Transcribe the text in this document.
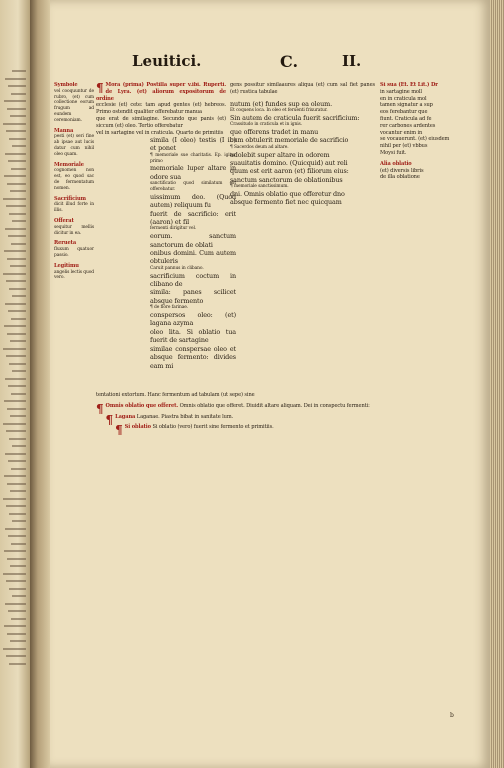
Leuitici.	C.	II.

Symbole

vel cooquuntur de rubro, (et) cum collectione eorum frugum ad eundem ceremoniam.

Manna

pesti (et) seri fine ab ipsae aut lucis datur cum nihil oleo quam.

Memoriale

cognomen non est, eo quod sac de fermentatum nomen.

Sacrificium

dicit illud forte in illis.

Offerat

sequitur mellis dicitur in ea.

Rerueta

fluxum quatuor passio.

Legitimu

angelis lectis quod vero.

¶ Mora (prima) Postilla super v.ibi. Ruperti. de Lyra. (et) aliorum expositorum de ordine

ecclesie (et) cete: tam apud gentes (et) hebreos. Primo ostendit qualiter offerebatur manua

que erat de similagine. Secundo que panis (et) siccum (et) oleo. Tertio offerebatur

vel in sartagine vel in craticula. Quarto de primitiis

simila (I oleo) testis (I ib) et ponet

¶ memoriale sue charitatis. Ep. igitur primo

memoriale luper altare in odore sua

sanctificatio quod similatum est offerebatur.

uissimum deo. (Quod autem) reliquum fu

fuerit de sacrificio: erit (aaron) et fil

fermenti dirigitur vel.

eorum. sanctum sanctorum de oblati

onibus domini. Cum autem obtuleris

Caruit pannus in clibano.

sacrificium coctum in clibano de

simila: panes scilicet absque fermento

¶ de flore farinae.

conspersos oleo: (et) lagana azyma

oleo lita. Si oblatio tua fuerit de sartagine

similae conspersae oleo et absque fermento: divides eam mi

gens possitur similaaures aliqua (et) cum sal fiet panes (et) rustica tabulae

nutum (et) fundes sup ea oleum.

Et coquens loca. In oleo et feruenti frixuratur.

Sin autem de craticula fuerit sacrificium:

Crassitudo in craticula et in ignis.

que offerens tradet in manu

cum obtulerit memoriale de sacrificio

¶ Sacerdos deum ad altare.

adolebit super altare in odorem

suauitatis domino. (Quicquid) aut reli

quum est erit aaron (et) filiorum eius:

sanctum sanctorum de oblationibus

¶ memoriale sanctissimum.

dni. Omnis oblatio que offeretur dno

absque fermento fiet nec quicquam

Si sua (Et. Et Lit.) Dr

in sartagine moll

en in craticula mol

tamen signatur a sup

eos ferebantur que

fiunt. Craticula ad fe

rer carbones ardentes

vocantur enim in

se vocauerunt. (et) eiusdem

nihil per (et) vbbus

Moysi fuit.

Alia oblatio

(et) diversis libris

de illa oblatione

tentationi extortum. Hanc fermentum ad tabulam (ut sepe) sine

¶ Omnis oblatio que offeret. Omnis oblatio que offeret. Diuidit altare aliquam. Dei in conspectu fermenti:

¶ Lagana Laganae. Piastra bibat in sanitate lum.

¶ Si oblatio Si oblatio (vero) fuerit sine fermento et primitiis.

b
